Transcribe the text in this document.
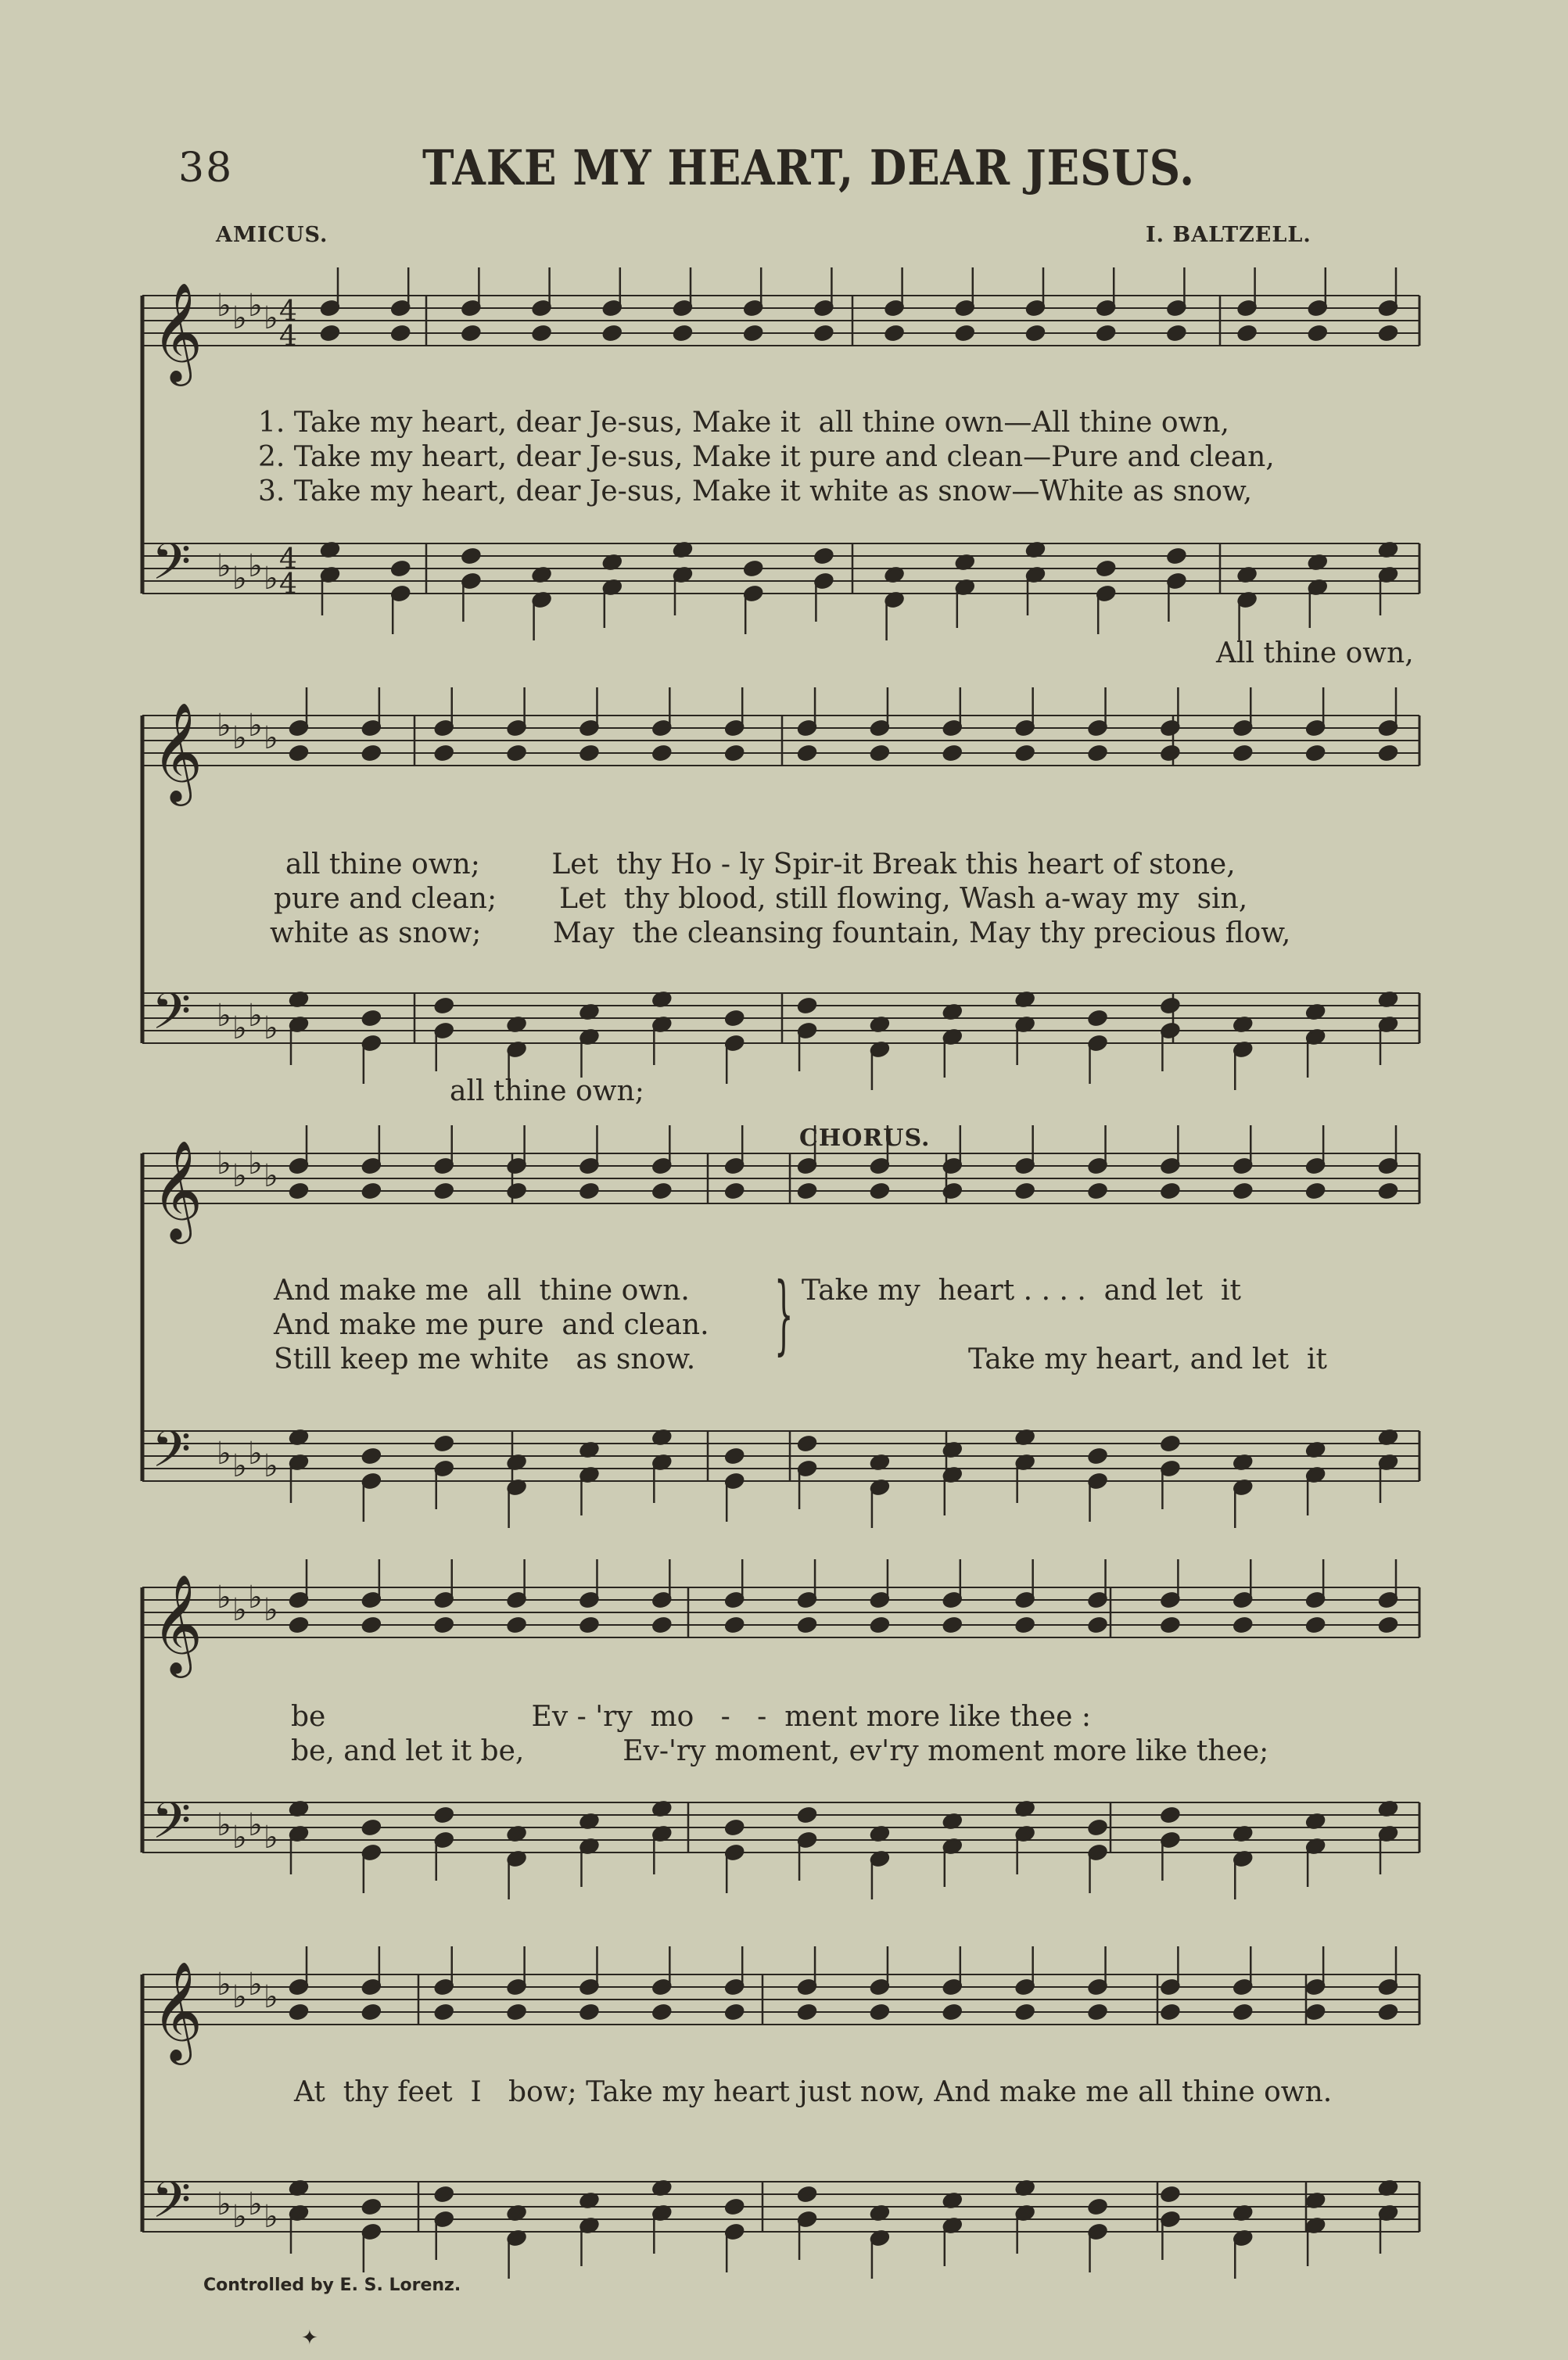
𝄞
𝄢
♭
♭
♭
♭
♭
♭
♭
♭
4
4
4
4
𝄞
𝄢
♭
♭
♭
♭
♭
♭
♭
♭
𝄞
𝄢
♭
♭
♭
♭
♭
♭
♭
♭
𝄞
𝄢
♭
♭
♭
♭
♭
♭
♭
♭
𝄞
𝄢
♭
♭
♭
♭
♭
♭
♭
♭
38	TAKE MY HEART, DEAR JESUS.
AMICUS.	I. BALTZELL.
1. Take my heart, dear Je-sus, Make it  all thine own—All thine own,
2. Take my heart, dear Je-sus, Make it pure and clean—Pure and clean,
3. Take my heart, dear Je-sus, Make it white as snow—White as snow,
All thine own,
all thine own;        Let  thy Ho - ly Spir-it Break this heart of stone,
pure and clean;       Let  thy blood, still flowing, Wash a-way my  sin,
white as snow;        May  the cleansing fountain, May thy precious flow,
all thine own;
CHORUS.
And make me  all  thine own.
And make me pure  and clean.
Still keep me white   as snow. } Take my  heart . . . .  and let  it
Take my heart, and let  it
be                       Ev - 'ry  mo   -   -  ment more like thee :
be, and let it be,           Ev-'ry moment, ev'ry moment more like thee;
At  thy feet  I   bow; Take my heart just now, And make me all thine own.
Controlled by E. S. Lorenz.
✦
